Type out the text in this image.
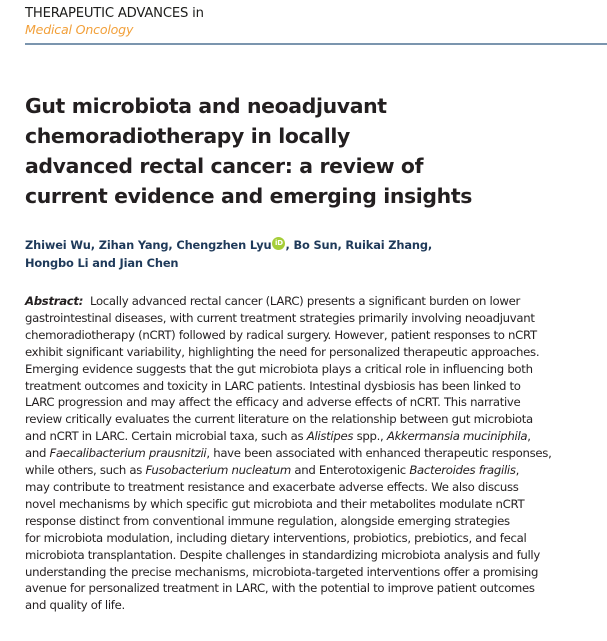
THERAPEUTIC ADVANCES in
Medical Oncology
Gut microbiota and neoadjuvant
chemoradiotherapy in locally
advanced rectal cancer: a review of
current evidence and emerging insights
Zhiwei Wu, Zihan Yang, Chengzhen Lyu iD , Bo Sun, Ruikai Zhang,
Hongbo Li and Jian Chen
Abstract: Locally advanced rectal cancer (LARC) presents a significant burden on lower
gastrointestinal diseases, with current treatment strategies primarily involving neoadjuvant
chemoradiotherapy (nCRT) followed by radical surgery. However, patient responses to nCRT
exhibit significant variability, highlighting the need for personalized therapeutic approaches.
Emerging evidence suggests that the gut microbiota plays a critical role in influencing both
treatment outcomes and toxicity in LARC patients. Intestinal dysbiosis has been linked to
LARC progression and may affect the efficacy and adverse effects of nCRT. This narrative
review critically evaluates the current literature on the relationship between gut microbiota
and nCRT in LARC. Certain microbial taxa, such as Alistipes spp., Akkermansia muciniphila,
and Faecalibacterium prausnitzii, have been associated with enhanced therapeutic responses,
while others, such as Fusobacterium nucleatum and Enterotoxigenic Bacteroides fragilis,
may contribute to treatment resistance and exacerbate adverse effects. We also discuss
novel mechanisms by which specific gut microbiota and their metabolites modulate nCRT
response distinct from conventional immune regulation, alongside emerging strategies
for microbiota modulation, including dietary interventions, probiotics, prebiotics, and fecal
microbiota transplantation. Despite challenges in standardizing microbiota analysis and fully
understanding the precise mechanisms, microbiota-targeted interventions offer a promising
avenue for personalized treatment in LARC, with the potential to improve patient outcomes
and quality of life.
